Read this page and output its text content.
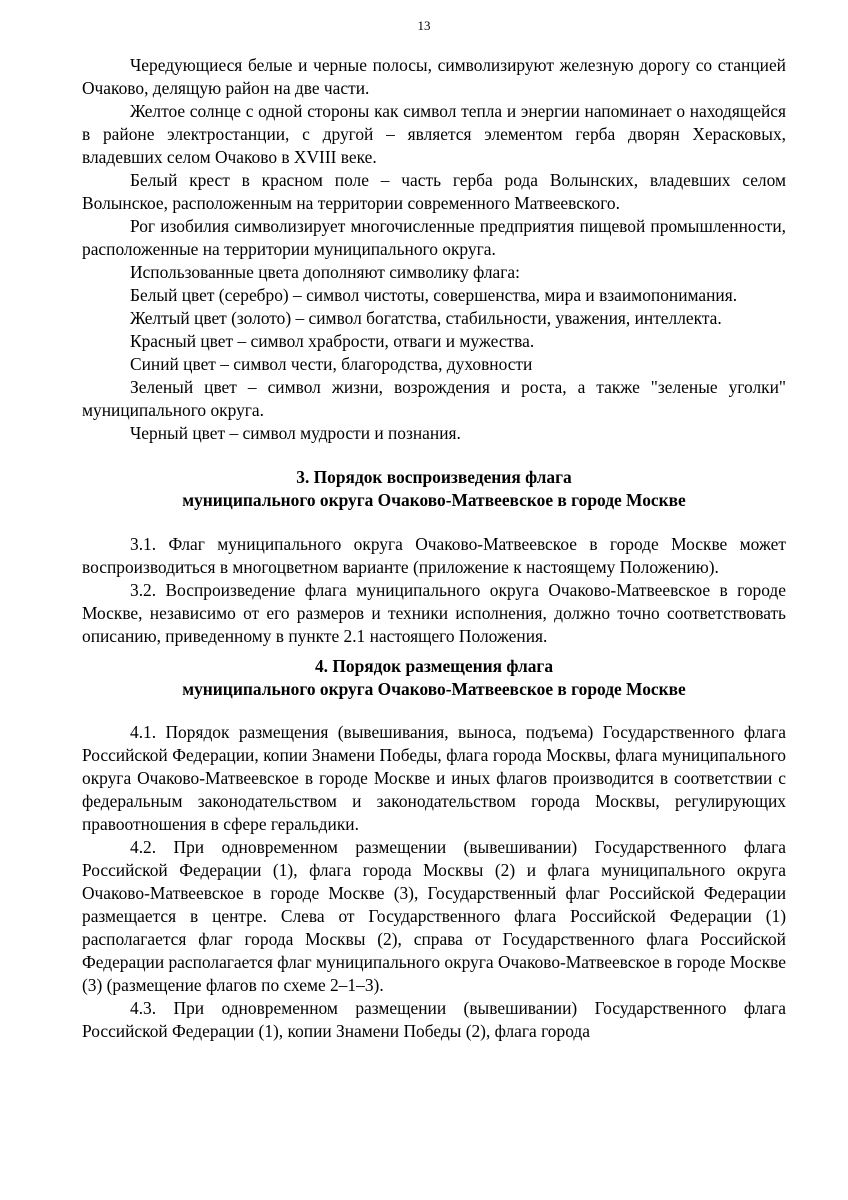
13

Чередующиеся белые и черные полосы, символизируют железную дорогу со станцией Очаково, делящую район на две части.

Желтое солнце с одной стороны как символ тепла и энергии напоминает о находящейся в районе электростанции, с другой – является элементом герба дворян Херасковых, владевших селом Очаково в XVIII веке.

Белый крест в красном поле – часть герба рода Волынских, владевших селом Волынское, расположенным на территории современного Матвеевского.

Рог изобилия символизирует многочисленные предприятия пищевой промышленности, расположенные на территории муниципального округа.

Использованные цвета дополняют символику флага:

Белый цвет (серебро) – символ чистоты, совершенства, мира и взаимопонимания.

Желтый цвет (золото) – символ богатства, стабильности, уважения, интеллекта.

Красный цвет – символ храбрости, отваги и мужества.

Синий цвет – символ чести, благородства, духовности

Зеленый цвет – символ жизни, возрождения и роста, а также "зеленые уголки" муниципального округа.

Черный цвет – символ мудрости и познания.

3. Порядок воспроизведения флага
муниципального округа Очаково-Матвеевское в городе Москве

3.1. Флаг муниципального округа Очаково-Матвеевское в городе Москве может воспроизводиться в многоцветном варианте (приложение к настоящему Положению).

3.2. Воспроизведение флага муниципального округа Очаково-Матвеевское в городе Москве, независимо от его размеров и техники исполнения, должно точно соответствовать описанию, приведенному в пункте 2.1 настоящего Положения.

4. Порядок размещения флага
муниципального округа Очаково-Матвеевское в городе Москве

4.1. Порядок размещения (вывешивания, выноса, подъема) Государственного флага Российской Федерации, копии Знамени Победы, флага города Москвы, флага муниципального округа Очаково-Матвеевское в городе Москве и иных флагов производится в соответствии с федеральным законодательством и законодательством города Москвы, регулирующих правоотношения в сфере геральдики.

4.2. При одновременном размещении (вывешивании) Государственного флага Российской Федерации (1), флага города Москвы (2) и флага муниципального округа Очаково-Матвеевское в городе Москве (3), Государственный флаг Российской Федерации размещается в центре. Слева от Государственного флага Российской Федерации (1) располагается флаг города Москвы (2), справа от Государственного флага Российской Федерации располагается флаг муниципального округа Очаково-Матвеевское в городе Москве (3) (размещение флагов по схеме 2–1–3).

4.3. При одновременном размещении (вывешивании) Государственного флага Российской Федерации (1), копии Знамени Победы (2), флага города
